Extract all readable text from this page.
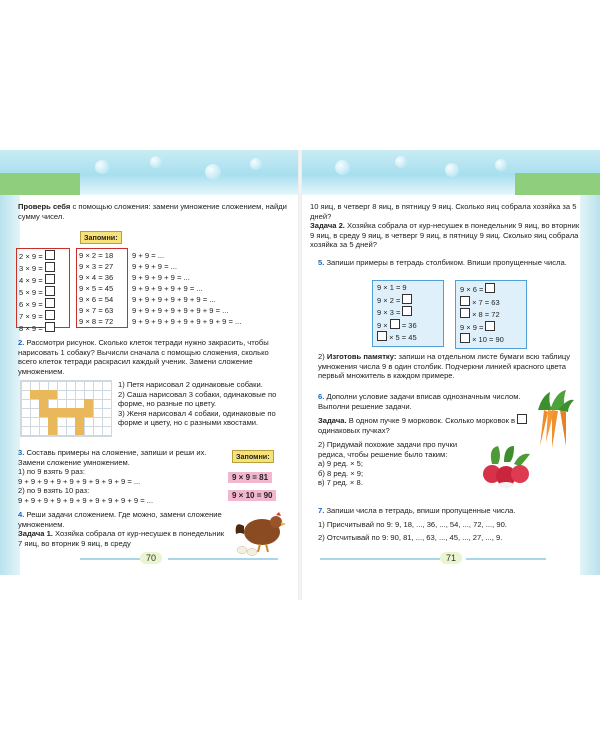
Проверь себя с помощью сложения: замени умножение сложением, найди сумму чисел.

Запомни:

2 × 9 =

3 × 9 =

4 × 9 =

5 × 9 =

6 × 9 =

7 × 9 =

8 × 9 =

9 × 2 = 18

9 × 3 = 27

9 × 4 = 36

9 × 5 = 45

9 × 6 = 54

9 × 7 = 63

9 × 8 = 72

9 + 9 = ...

9 + 9 + 9 = ...

9 + 9 + 9 + 9 = ...

9 + 9 + 9 + 9 + 9 = ...

9 + 9 + 9 + 9 + 9 + 9 = ...

9 + 9 + 9 + 9 + 9 + 9 + 9 = ...

9 + 9 + 9 + 9 + 9 + 9 + 9 + 9 = ...

2. Рассмотри рисунок. Сколько клеток тетради нужно закрасить, чтобы нарисовать 1 собаку? Вычисли сначала с помощью сложения, сколько всего клеток тетради раскрасил каждый ученик. Замени сложение умножением.

1) Петя нарисовал 2 одинаковые собаки.

2) Саша нарисовал 3 собаки, одинаковые по форме, но разные по цвету.

3) Женя нарисовал 4 собаки, одинаковые по форме и цвету, но с разными хвостами.

3. Составь примеры на сложение, запиши и реши их. Замени сложение умножением.

1) по 9 взять 9 раз:

9 + 9 + 9 + 9 + 9 + 9 + 9 + 9 + 9 = ...

2) по 9 взять 10 раз:

9 + 9 + 9 + 9 + 9 + 9 + 9 + 9 + 9 + 9 = ...

Запомни:
9 × 9 = 81
9 × 10 = 90

4. Реши задачи сложением. Где можно, замени сложение умножением.

Задача 1. Хозяйка собрала от кур-несушек в понедельник 7 яиц, во вторник 9 яиц, в среду

70

10 яиц, в четверг 8 яиц, в пятницу 9 яиц. Сколько яиц собрала хозяйка за 5 дней?

Задача 2. Хозяйка собрала от кур-несушек в понедельник 9 яиц, во вторник 9 яиц, в среду 9 яиц, в четверг 9 яиц, в пятницу 9 яиц. Сколько яиц собрала хозяйка за 5 дней?

5. Запиши примеры в тетрадь столбиком. Впиши пропущенные числа.

9 × 1 = 9
9 × 2 =
9 × 3 =
9 ×  = 36
× 5 = 45
9 × 6 =
× 7 = 63
× 8 = 72
9 × 9 =
× 10 = 90

2) Изготовь памятку: запиши на отдельном листе бумаги всю таблицу умножения числа 9 в один столбик. Подчеркни линией красного цвета первый множитель в каждом примере.

6. Дополни условие задачи вписав однозначным числом. Выполни решение задачи.

Задача. В одном пучке 9 морковок. Сколько морковок в  одинаковых пучках?

2) Придумай похожие задачи про пучки редиса, чтобы решение было таким:

а) 9 ред. × 5;

б) 8 ред. × 9;

в) 7 ред. × 8.

7. Запиши числа в тетрадь, впиши пропущенные числа.

1) Присчитывай по 9: 9, 18, ..., 36, ..., 54, ..., 72, ..., 90.

2) Отсчитывай по 9: 90, 81, ..., 63, ..., 45, ..., 27, ..., 9.

71
